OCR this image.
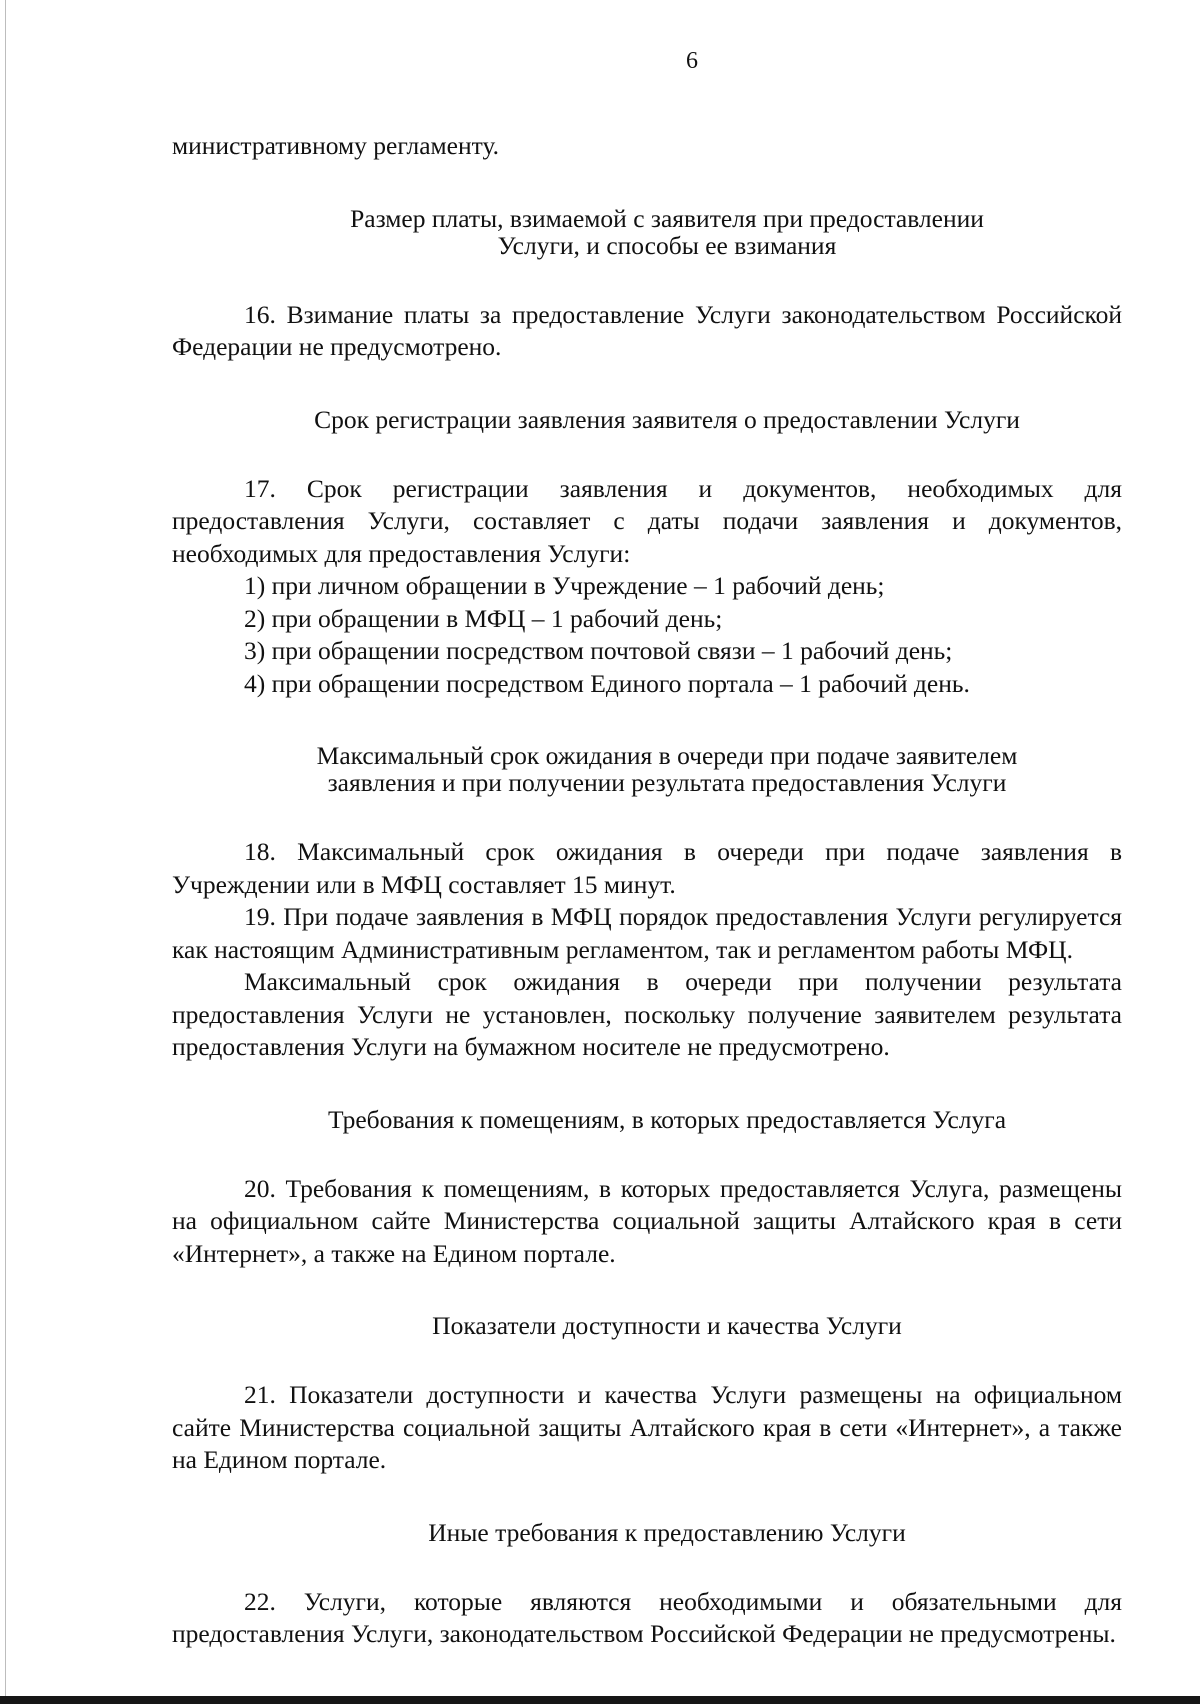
6

министративному регламенту.

Размер платы, взимаемой с заявителя при предоставлении
Услуги, и способы ее взимания

16. Взимание платы за предоставление Услуги законодательством Российской Федерации не предусмотрено.

Срок регистрации заявления заявителя о предоставлении Услуги

17. Срок регистрации заявления и документов, необходимых для предоставления Услуги, составляет с даты подачи заявления и документов, необходимых для предоставления Услуги:

1) при личном обращении в Учреждение – 1 рабочий день;
2) при обращении в МФЦ – 1 рабочий день;
3) при обращении посредством почтовой связи – 1 рабочий день;
4) при обращении посредством Единого портала – 1 рабочий день.
Максимальный срок ожидания в очереди при подаче заявителем
заявления и при получении результата предоставления Услуги

18. Максимальный срок ожидания в очереди при подаче заявления в Учреждении или в МФЦ составляет 15 минут.

19. При подаче заявления в МФЦ порядок предоставления Услуги регулируется как настоящим Административным регламентом, так и регламентом работы МФЦ.

Максимальный срок ожидания в очереди при получении результата предоставления Услуги не установлен, поскольку получение заявителем результата предоставления Услуги на бумажном носителе не предусмотрено.

Требования к помещениям, в которых предоставляется Услуга

20. Требования к помещениям, в которых предоставляется Услуга, размещены на официальном сайте Министерства социальной защиты Алтайского края в сети «Интернет», а также на Едином портале.

Показатели доступности и качества Услуги

21. Показатели доступности и качества Услуги размещены на официальном сайте Министерства социальной защиты Алтайского края в сети «Интернет», а также на Едином портале.

Иные требования к предоставлению Услуги

22. Услуги, которые являются необходимыми и обязательными для предоставления Услуги, законодательством Российской Федерации не предусмотрены.
